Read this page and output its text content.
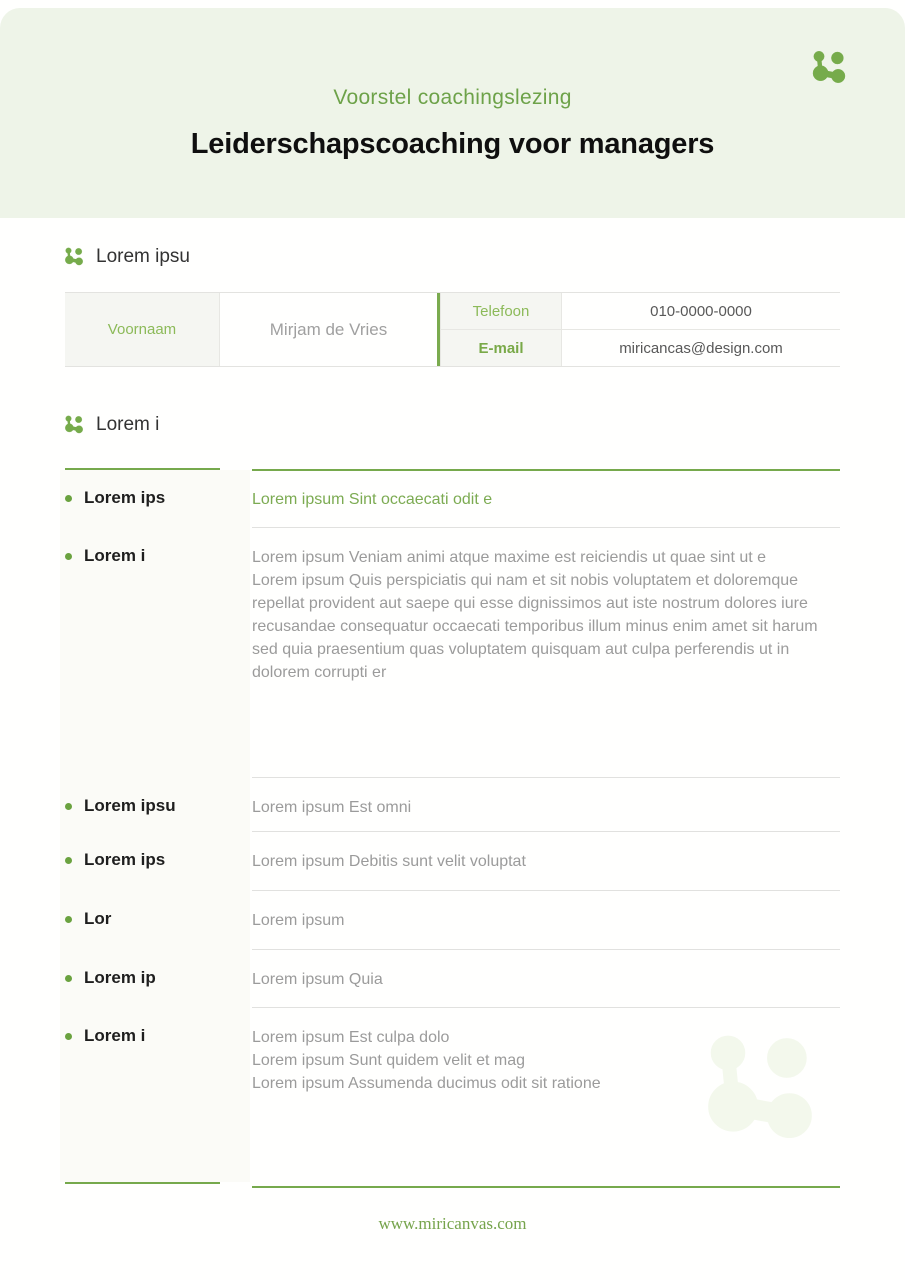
Voorstel coachingslezing
Leiderschapscoaching voor managers
Lorem ipsu
Voornaam	Mirjam de Vries
Telefoon	010-0000-0000
E-mail	miricancas@design.com
Lorem i
Lorem ips	Lorem ipsum Sint occaecati odit e
Lorem i	Lorem ipsum Veniam animi atque maxime est reiciendis ut quae sint ut e
Lorem ipsum Quis perspiciatis qui nam et sit nobis voluptatem et doloremque repellat provident aut saepe qui esse dignissimos aut iste nostrum dolores iure recusandae consequatur occaecati temporibus illum minus enim amet sit harum sed quia praesentium quas voluptatem quisquam aut culpa perferendis ut in dolorem corrupti er
Lorem ipsu	Lorem ipsum Est omni
Lorem ips	Lorem ipsum Debitis sunt velit voluptat
Lor	Lorem ipsum
Lorem ip	Lorem ipsum Quia
Lorem i	Lorem ipsum Est culpa dolo
Lorem ipsum Sunt quidem velit et mag
Lorem ipsum Assumenda ducimus odit sit ratione
www.miricanvas.com
